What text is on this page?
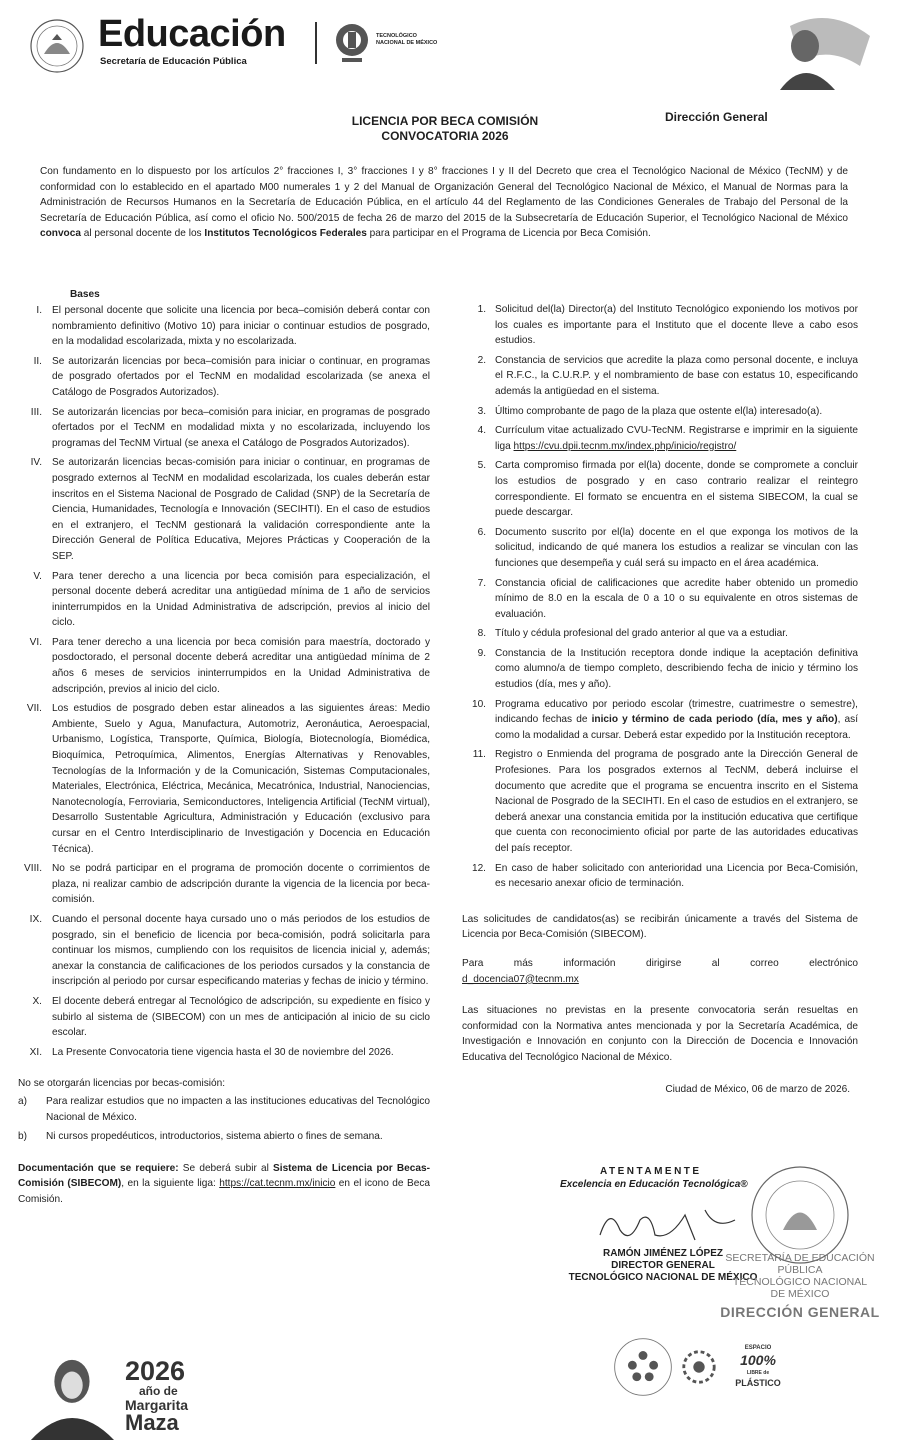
Educación
Secretaría de Educación Pública
TECNOLÓGICO
NACIONAL DE MÉXICO
LICENCIA POR BECA COMISIÓN
CONVOCATORIA 2026
Dirección General
Con fundamento en lo dispuesto por los artículos 2° fracciones I, 3° fracciones I y 8° fracciones I y II del Decreto que crea el Tecnológico Nacional de México (TecNM) y de conformidad con lo establecido en el apartado M00 numerales 1 y 2 del Manual de Organización General del Tecnológico Nacional de México, el Manual de Normas para la Administración de Recursos Humanos en la Secretaría de Educación Pública, en el artículo 44 del Reglamento de las Condiciones Generales de Trabajo del Personal de la Secretaría de Educación Pública, así como el oficio No. 500/2015 de fecha 26 de marzo del 2015 de la Subsecretaría de Educación Superior, el Tecnológico Nacional de México convoca al personal docente de los Institutos Tecnológicos Federales para participar en el Programa de Licencia por Beca Comisión.
Bases
I. El personal docente que solicite una licencia por beca–comisión deberá contar con nombramiento definitivo (Motivo 10) para iniciar o continuar estudios de posgrado, en la modalidad escolarizada, mixta y no escolarizada.
II. Se autorizarán licencias por beca–comisión para iniciar o continuar, en programas de posgrado ofertados por el TecNM en modalidad escolarizada (se anexa el Catálogo de Posgrados Autorizados).
III. Se autorizarán licencias por beca–comisión para iniciar, en programas de posgrado ofertados por el TecNM en modalidad mixta y no escolarizada, incluyendo los programas del TecNM Virtual (se anexa el Catálogo de Posgrados Autorizados).
IV. Se autorizarán licencias becas-comisión para iniciar o continuar, en programas de posgrado externos al TecNM en modalidad escolarizada, los cuales deberán estar inscritos en el Sistema Nacional de Posgrado de Calidad (SNP) de la Secretaría de Ciencia, Humanidades, Tecnología e Innovación (SECIHTI). En el caso de estudios en el extranjero, el TecNM gestionará la validación correspondiente ante la Dirección General de Política Educativa, Mejores Prácticas y Cooperación de la SEP.
V. Para tener derecho a una licencia por beca comisión para especialización, el personal docente deberá acreditar una antigüedad mínima de 1 año de servicios ininterrumpidos en la Unidad Administrativa de adscripción, previos al inicio del ciclo.
VI. Para tener derecho a una licencia por beca comisión para maestría, doctorado y posdoctorado, el personal docente deberá acreditar una antigüedad mínima de 2 años 6 meses de servicios ininterrumpidos en la Unidad Administrativa de adscripción, previos al inicio del ciclo.
VII. Los estudios de posgrado deben estar alineados a las siguientes áreas: Medio Ambiente, Suelo y Agua, Manufactura, Automotriz, Aeronáutica, Aeroespacial, Urbanismo, Logística, Transporte, Química, Biología, Biotecnología, Biomédica, Bioquímica, Petroquímica, Alimentos, Energías Alternativas y Renovables, Tecnologías de la Información y de la Comunicación, Sistemas Computacionales, Materiales, Electrónica, Eléctrica, Mecánica, Mecatrónica, Industrial, Nanociencias, Nanotecnología, Ferroviaria, Semiconductores, Inteligencia Artificial (TecNM virtual), Desarrollo Sustentable Agricultura, Administración y Educación (exclusivo para cursar en el Centro Interdisciplinario de Investigación y Docencia en Educación Técnica).
VIII. No se podrá participar en el programa de promoción docente o corrimientos de plaza, ni realizar cambio de adscripción durante la vigencia de la licencia por beca-comisión.
IX. Cuando el personal docente haya cursado uno o más periodos de los estudios de posgrado, sin el beneficio de licencia por beca-comisión, podrá solicitarla para continuar los mismos, cumpliendo con los requisitos de licencia inicial y, además; anexar la constancia de calificaciones de los periodos cursados y la constancia de inscripción al periodo por cursar especificando materias y fechas de inicio y término.
X. El docente deberá entregar al Tecnológico de adscripción, su expediente en físico y subirlo al sistema de (SIBECOM) con un mes de anticipación al inicio de su ciclo escolar.
XI. La Presente Convocatoria tiene vigencia hasta el 30 de noviembre del 2026.
No se otorgarán licencias por becas-comisión:
a)	Para realizar estudios que no impacten a las instituciones educativas del Tecnológico Nacional de México.
b)	Ni cursos propedéuticos, introductorios, sistema abierto o fines de semana.
Documentación que se requiere: Se deberá subir al Sistema de Licencia por Becas-Comisión (SIBECOM), en la siguiente liga: https://cat.tecnm.mx/inicio en el icono de Beca Comisión.
1. Solicitud del(la) Director(a) del Instituto Tecnológico exponiendo los motivos por los cuales es importante para el Instituto que el docente lleve a cabo esos estudios.
2. Constancia de servicios que acredite la plaza como personal docente, e incluya el R.F.C., la C.U.R.P. y el nombramiento de base con estatus 10, especificando además la antigüedad en el sistema.
3. Último comprobante de pago de la plaza que ostente el(la) interesado(a).
4. Currículum vitae actualizado CVU-TecNM. Registrarse e imprimir en la siguiente liga https://cvu.dpii.tecnm.mx/index.php/inicio/registro/
5. Carta compromiso firmada por el(la) docente, donde se compromete a concluir los estudios de posgrado y en caso contrario realizar el reintegro correspondiente. El formato se encuentra en el sistema SIBECOM, la cual se puede descargar.
6. Documento suscrito por el(la) docente en el que exponga los motivos de la solicitud, indicando de qué manera los estudios a realizar se vinculan con las funciones que desempeña y cuál será su impacto en el área académica.
7. Constancia oficial de calificaciones que acredite haber obtenido un promedio mínimo de 8.0 en la escala de 0 a 10 o su equivalente en otros sistemas de evaluación.
8. Título y cédula profesional del grado anterior al que va a estudiar.
9. Constancia de la Institución receptora donde indique la aceptación definitiva como alumno/a de tiempo completo, describiendo fecha de inicio y término los estudios (día, mes y año).
10. Programa educativo por periodo escolar (trimestre, cuatrimestre o semestre), indicando fechas de inicio y término de cada periodo (día, mes y año), así como la modalidad a cursar. Deberá estar expedido por la Institución receptora.
11. Registro o Enmienda del programa de posgrado ante la Dirección General de Profesiones. Para los posgrados externos al TecNM, deberá incluirse el documento que acredite que el programa se encuentra inscrito en el Sistema Nacional de Posgrado de la SECIHTI. En el caso de estudios en el extranjero, se deberá anexar una constancia emitida por la institución educativa que certifique que cuenta con reconocimiento oficial por parte de las autoridades educativas del país receptor.
12. En caso de haber solicitado con anterioridad una Licencia por Beca-Comisión, es necesario anexar oficio de terminación.
Las solicitudes de candidatos(as) se recibirán únicamente a través del Sistema de Licencia por Beca-Comisión (SIBECOM).
Para más información dirigirse al correo electrónico
d_docencia07@tecnm.mx
Las situaciones no previstas en la presente convocatoria serán resueltas en conformidad con la Normativa antes mencionada y por la Secretaría Académica, de Investigación e Innovación en conjunto con la Dirección de Docencia e Innovación Educativa del Tecnológico Nacional de México.
Ciudad de México, 06 de marzo de 2026.
ATENTAMENTE
Excelencia en Educación Tecnológica®
RAMÓN JIMÉNEZ LÓPEZ
DIRECTOR GENERAL
TECNOLÓGICO NACIONAL DE MÉXICO
SECRETARÍA DE EDUCACIÓN PÚBLICA
TECNOLÓGICO NACIONAL
DE MÉXICO
DIRECCIÓN GENERAL
2026
año de
Margarita
Maza
ESPACIO
100%
LIBRE de
PLÁSTICO
